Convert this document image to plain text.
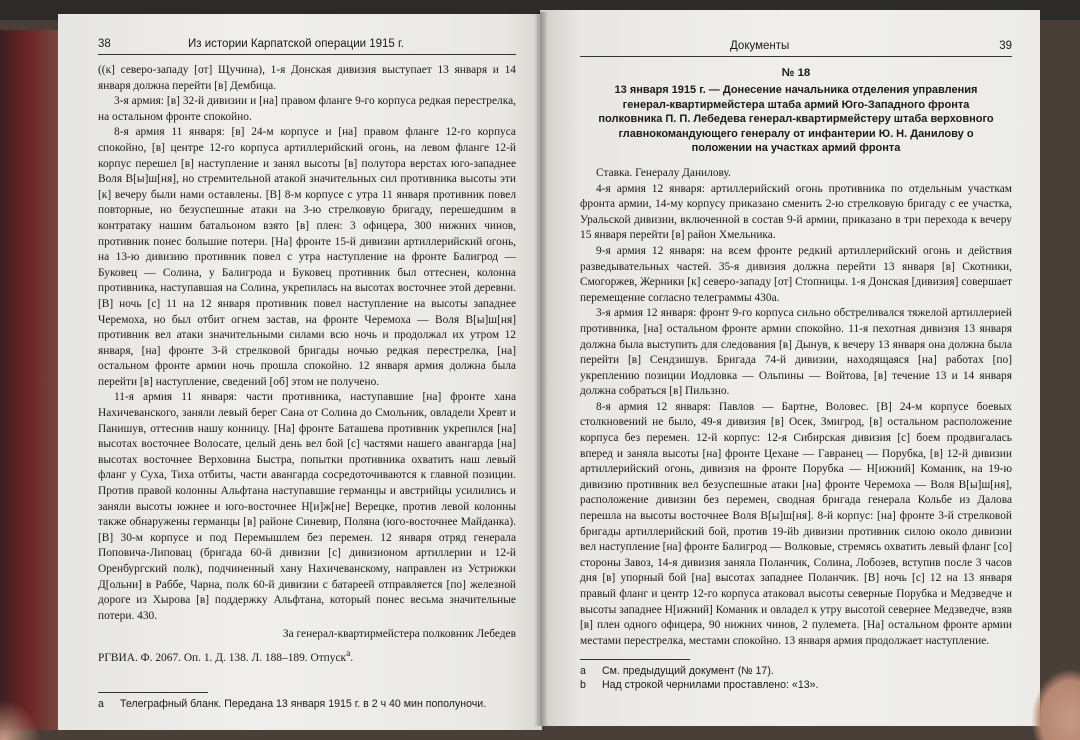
38	Из истории Карпатской операции 1915 г.

((к] северо-западу [от] Щучина), 1-я Донская дивизия выступает 13 января и 14 января должна перейти [в] Дембица.

3-я армия: [в] 32-й дивизии и [на] правом фланге 9-го корпуса редкая перестрелка, на остальном фронте спокойно.

8-я армия 11 января: [в] 24-м корпусе и [на] правом фланге 12-го корпуса спокойно, [в] центре 12-го корпуса артиллерийский огонь, на левом фланге 12-й корпус перешел [в] наступление и занял высоты [в] полутора верстах юго-западнее Воля В[ы]ш[ня], но стремительной атакой значительных сил противника высоты эти [к] вечеру были нами оставлены. [В] 8-м корпусе с утра 11 января противник повел повторные, но безуспешные атаки на 3-ю стрелковую бригаду, перешедшим в контратаку нашим батальоном взято [в] плен: 3 офицера, 300 нижних чинов, противник понес большие потери. [На] фронте 15-й дивизии артиллерийский огонь, на 13-ю дивизию противник повел с утра наступление на фронте Балигрод — Буковец — Солина, у Балигрода и Буковец противник был оттеснен, колонна противника, наступавшая на Солина, укрепилась на высотах восточнее этой деревни. [В] ночь [с] 11 на 12 января противник повел наступление на высоты западнее Черемоха, но был отбит огнем застав, на фронте Черемоха — Воля В[ы]ш[ня] противник вел атаки значительными силами всю ночь и продолжал их утром 12 января, [на] фронте 3-й стрелковой бригады ночью редкая перестрелка, [на] остальном фронте армии ночь прошла спокойно. 12 января армия должна была перейти [в] наступление, сведений [об] этом не получено.

11-я армия 11 января: части противника, наступавшие [на] фронте хана Нахичеванского, заняли левый берег Сана от Солина до Смольник, овладели Хревт и Панишув, оттеснив нашу конницу. [На] фронте Баташева противник укрепился [на] высотах восточнее Волосате, целый день вел бой [с] частями нашего авангарда [на] высотах восточнее Верховина Быстра, попытки противника охватить наш левый фланг у Суха, Тиха отбиты, части авангарда сосредоточиваются к главной позиции. Против правой колонны Альфтана наступавшие германцы и австрийцы усилились и заняли высоты южнее и юго-восточнее Н[и]ж[не] Верецке, против левой колонны также обнаружены германцы [в] районе Синевир, Поляна (юго-восточнее Майданка). [В] 30-м корпусе и под Перемышлем без перемен. 12 января отряд генерала Поповича-Липовац (бригада 60-й дивизии [с] дивизионом артиллерии и 12-й Оренбургский полк), подчиненный хану Нахичеванскому, направлен из Устрижки Д[ольни] в Раббе, Чарна, полк 60-й дивизии с батареей отправляется [по] железной дороге из Хырова [в] поддержку Альфтана, который понес весьма значительные потери. 430.

За генерал-квартирмейстера полковник Лебедев
РГВИА. Ф. 2067. Оп. 1. Д. 138. Л. 188–189. Отпуск$^а$.
а	Телеграфный бланк. Передана 13 января 1915 г. в 2 ч 40 мин пополуночи.
Документы	39
№ 18
13 января 1915 г. — Донесение начальника отделения управления генерал-квартирмейстера штаба армий Юго-Западного фронта полковника П. П. Лебедева генерал-квартирмейстеру штаба верховного главнокомандующего генералу от инфантерии Ю. Н. Данилову о положении на участках армий фронта

Ставка. Генералу Данилову.

4-я армия 12 января: артиллерийский огонь противника по отдельным участкам фронта армии, 14-му корпусу приказано сменить 2-ю стрелковую бригаду с ее участка, Уральской дивизии, включенной в состав 9-й армии, приказано в три перехода к вечеру 15 января перейти [в] район Хмельника.

9-я армия 12 января: на всем фронте редкий артиллерийский огонь и действия разведывательных частей. 35-я дивизия должна перейти 13 января [в] Скотники, Смогоржев, Жерники [к] северо-западу [от] Стопницы. 1-я Донская [дивизия] совершает перемещение согласно телеграммы 430а.

3-я армия 12 января: фронт 9-го корпуса сильно обстреливался тяжелой артиллерией противника, [на] остальном фронте армии спокойно. 11-я пехотная дивизия 13 января должна была выступить для следования [в] Дынув, к вечеру 13 января она должна была перейти [в] Сендзишув. Бригада 74-й дивизии, находящаяся [на] работах [по] укреплению позиции Иодловка — Ольпины — Войтова, [в] течение 13 и 14 января должна собраться [в] Пильзно.

8-я армия 12 января: Павлов — Бартне, Воловес. [В] 24-м корпусе боевых столкновений не было, 49-я дивизия [в] Осек, Змигрод, [в] остальном расположение корпуса без перемен. 12-й корпус: 12-я Сибирская дивизия [с] боем продвигалась вперед и заняла высоты [на] фронте Цехане — Гавранец — Порубка, [в] 12-й дивизии артиллерийский огонь, дивизия на фронте Порубка — Н[ижний] Команик, на 19-ю дивизию противник вел безуспешные атаки [на] фронте Черемоха — Воля В[ы]ш[ня], расположение дивизии без перемен, сводная бригада генерала Кольбе из Далова перешла на высоты восточнее Воля В[ы]ш[ня]. 8-й корпус: [на] фронте 3-й стрелковой бригады артиллерийский бой, против 19-йb дивизии противник силою около дивизии вел наступление [на] фронте Балигрод — Волковые, стремясь охватить левый фланг [со] стороны Завоз, 14-я дивизия заняла Поланчик, Солина, Лобозев, вступив после 3 часов дня [в] упорный бой [на] высотах западнее Поланчик. [В] ночь [с] 12 на 13 января правый фланг и центр 12-го корпуса атаковал высоты северные Порубка и Медзведче и высоты западнее Н[ижний] Команик и овладел к утру высотой севернее Медзведче, взяв [в] плен одного офицера, 90 нижних чинов, 2 пулемета. [На] остальном фронте армии местами перестрелка, местами спокойно. 13 января армия продолжает наступление.

а	См. предыдущий документ (№ 17).
b	Над строкой чернилами проставлено: «13».
